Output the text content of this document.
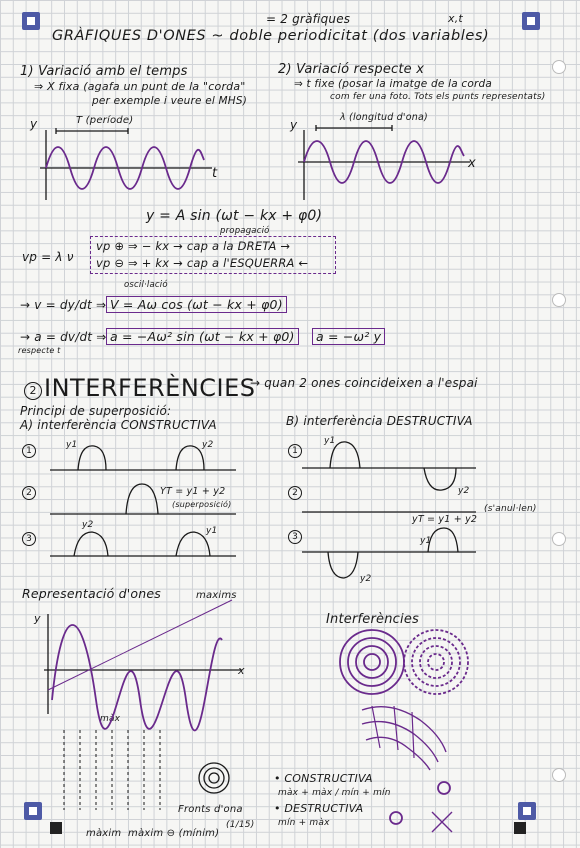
= 2 gràfiques	x,t
GRÀFIQUES D'ONES ~ doble periodicitat (dos variables)
1) Variació amb el temps
⇒ X fixa (agafa un punt de la "corda"
per exemple i veure el MHS)
T (període)
y
t
2) Variació respecte x
⇒ t fixe (posar la imatge de la corda
com fer una foto. Tots els punts representats)
λ (longitud d'ona)
y
x
y = A sin (ωt − kx + φ0)
propagació
vp = λ ν
vp ⊕ ⇒ − kx → cap a la DRETA →
vp ⊖ ⇒ + kx → cap a l'ESQUERRA ←
oscil·lació
→ v = dy/dt ⇒ V = Aω cos (ωt − kx + φ0)
→ a = dv/dt ⇒
respecte t
a = −Aω² sin (ωt − kx + φ0)	a = −ω² y
2 INTERFERÈNCIES
→ quan 2 ones coincideixen a l'espai
Principi de superposició:
A) interferència CONSTRUCTIVA	B) interferència DESTRUCTIVA
1
2
3
1
2
3
y1	y2
YT = y1 + y2
(superposició)
y2
y1
y1
y2
yT = y1 + y2
(s'anul·len)
y1
y2
Representació d'ones	maxims
y
x
màx
Fronts d'ona
(1/15)
màxim màxim ⊖ (mínim)
Interferències
• CONSTRUCTIVA
màx + màx / mín + mín
• DESTRUCTIVA
mín + màx
